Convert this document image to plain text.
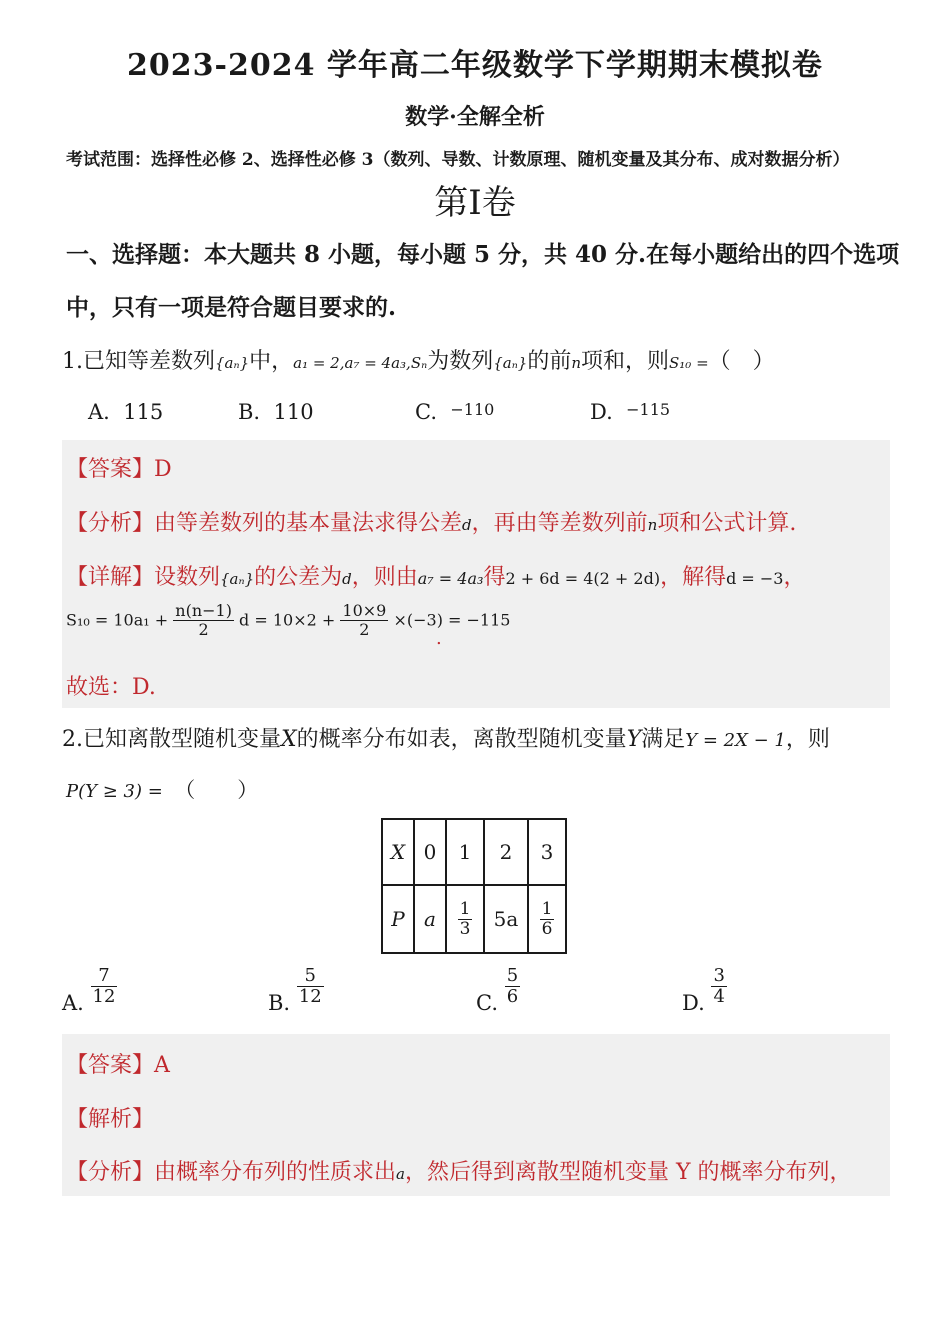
2023-2024 学年高二年级数学下学期期末模拟卷
数学·全解全析
考试范围：选择性必修 2、选择性必修 3（数列、导数、计数原理、随机变量及其分布、成对数据分析）
第I卷
一、选择题：本大题共 8 小题，每小题 5 分，共 40 分.在每小题给出的四个选项
中，只有一项是符合题目要求的.
1.已知等差数列{aₙ}中，a₁ = 2,a₇ = 4a₃,Sₙ为数列{aₙ}的前n项和，则S₁₀ =（　）
A. 115	B. 110	C. −110	D. −115
【答案】D
【分析】由等差数列的基本量法求得公差d，再由等差数列前n项和公式计算.
【详解】设数列{aₙ}的公差为d，则由a₇ = 4a₃得2 + 6d = 4(2 + 2d)，解得d = −3，
$S_{10} = 10a_1 + \frac{n(n-1)}{2}$ $d = 10\times 2 + \frac{10\times 9}{2} \times(-3) = -115$
.
故选：D.
2.已知离散型随机变量X的概率分布如表，离散型随机变量Y满足Y = 2X − 1，则
P(Y ≥ 3) = （　　）
X	0	1	2	3
P	a	$\frac{1}{3}$	5a	$\frac{1}{6}$
A. $\frac{7}{12}$	B. $\frac{5}{12}$	C. $\frac{5}{6}$	D. $\frac{3}{4}$
【答案】A
【解析】
【分析】由概率分布列的性质求出a，然后得到离散型随机变量 Y 的概率分布列，
